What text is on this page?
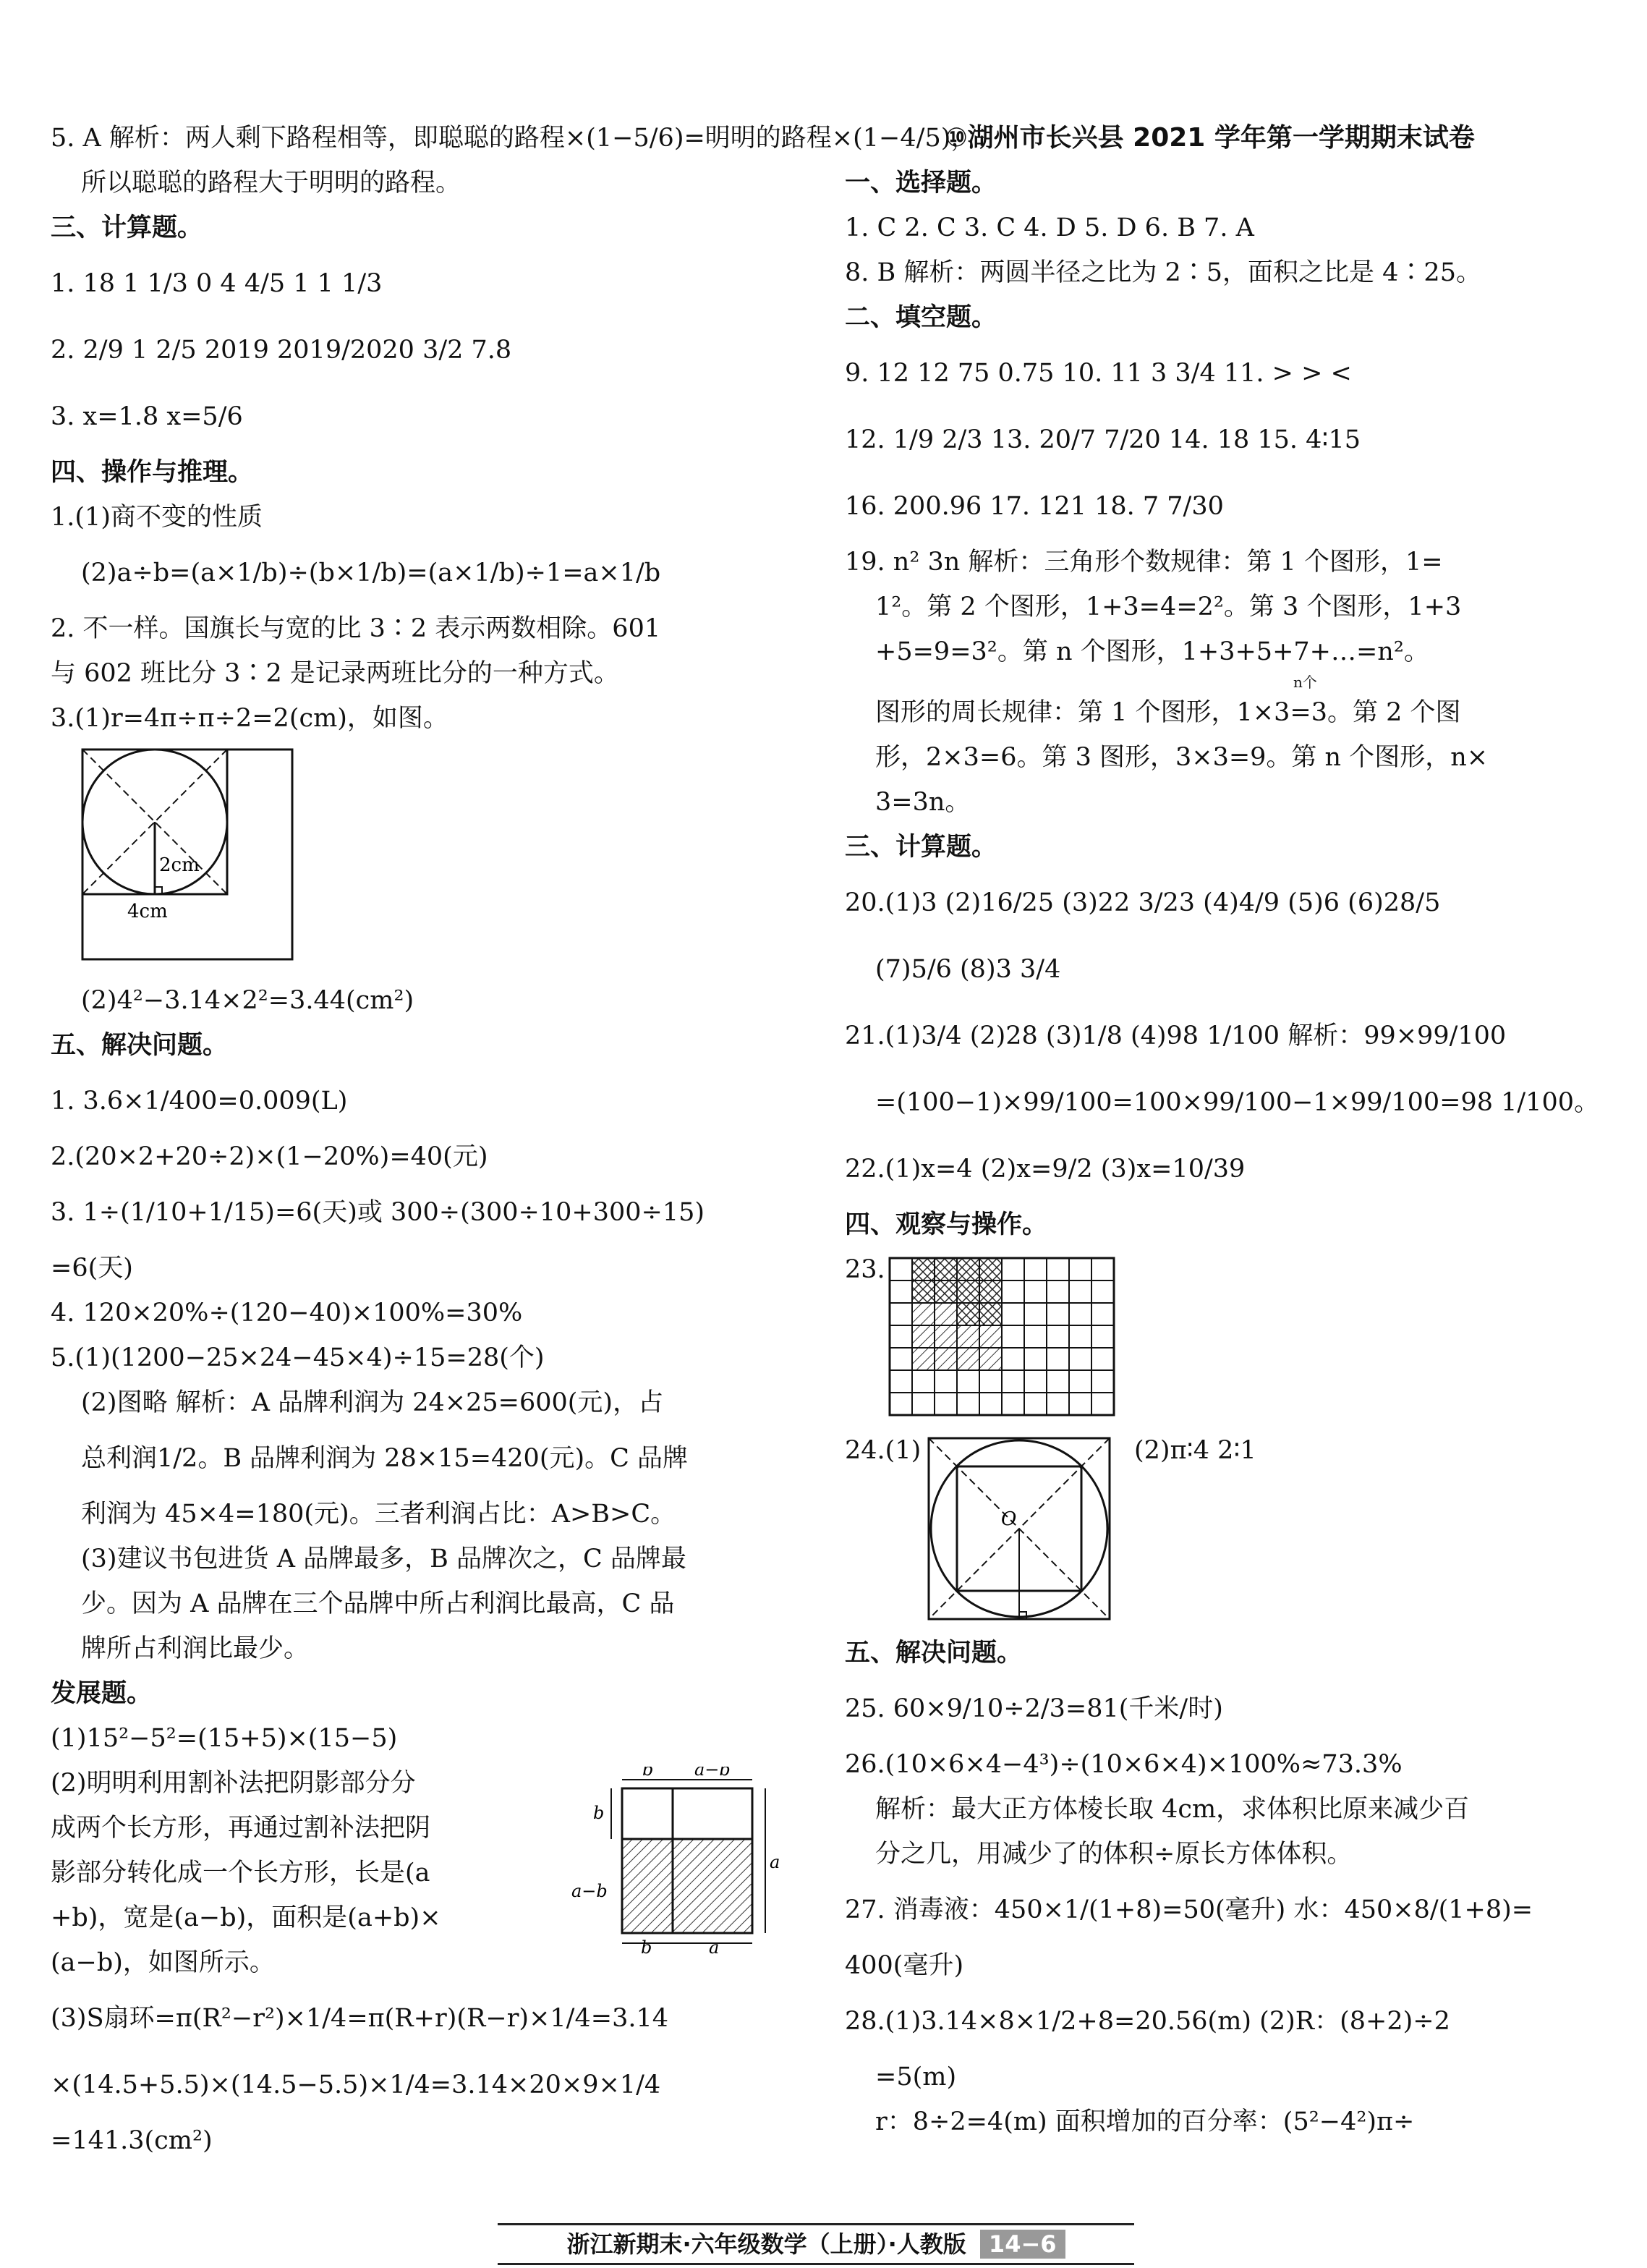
5. A 解析：两人剩下路程相等，即聪聪的路程×(1−5/6)=明明的路程×(1−4/5)，
所以聪聪的路程大于明明的路程。
三、计算题。
1. 18 1 1/3 0 4 4/5 1 1 1/3
2. 2/9 1 2/5 2019 2019/2020 3/2 7.8
3. x=1.8 x=5/6
四、操作与推理。
1.(1)商不变的性质
(2)a÷b=(a×1/b)÷(b×1/b)=(a×1/b)÷1=a×1/b
2. 不一样。国旗长与宽的比 3∶2 表示两数相除。601
与 602 班比分 3∶2 是记录两班比分的一种方式。
3.(1)r=4π÷π÷2=2(cm)，如图。
2cm
4cm
(2)4²−3.14×2²=3.44(cm²)
五、解决问题。
1. 3.6×1/400=0.009(L)
2.(20×2+20÷2)×(1−20%)=40(元)
3. 1÷(1/10+1/15)=6(天)或 300÷(300÷10+300÷15)
=6(天)
4. 120×20%÷(120−40)×100%=30%
5.(1)(1200−25×24−45×4)÷15=28(个)
(2)图略 解析：A 品牌利润为 24×25=600(元)，占
总利润1/2。B 品牌利润为 28×15=420(元)。C 品牌
利润为 45×4=180(元)。三者利润占比：A>B>C。
(3)建议书包进货 A 品牌最多，B 品牌次之，C 品牌最
少。因为 A 品牌在三个品牌中所占利润比最高，C 品
牌所占利润比最少。
发展题。
(1)15²−5²=(15+5)×(15−5)
(2)明明利用割补法把阴影部分分
成两个长方形，再通过割补法把阴
影部分转化成一个长方形，长是(a
+b)，宽是(a−b)，面积是(a+b)×
(a−b)，如图所示。
(3)S扇环=π(R²−r²)×1/4=π(R+r)(R−r)×1/4=3.14
×(14.5+5.5)×(14.5−5.5)×1/4=3.14×20×9×1/4
=141.3(cm²)
b a−b
b
a−b
a
b	a
⑩湖州市长兴县 2021 学年第一学期期末试卷
一、选择题。
1. C 2. C 3. C 4. D 5. D 6. B 7. A
8. B 解析：两圆半径之比为 2∶5，面积之比是 4∶25。
二、填空题。
9. 12 12 75 0.75 10. 11 3 3/4 11. > > <
12. 1/9 2/3 13. 20/7 7/20 14. 18 15. 4∶15
16. 200.96 17. 121 18. 7 7/30
19. n² 3n 解析：三角形个数规律：第 1 个图形，1=
1²。第 2 个图形，1+3=4=2²。第 3 个图形，1+3
+5=9=3²。第 n 个图形，1+3+5+7+…=n²。
n个
图形的周长规律：第 1 个图形，1×3=3。第 2 个图
形，2×3=6。第 3 图形，3×3=9。第 n 个图形，n×
3=3n。
三、计算题。
20.(1)3 (2)16/25 (3)22 3/23 (4)4/9 (5)6 (6)28/5
(7)5/6 (8)3 3/4
21.(1)3/4 (2)28 (3)1/8 (4)98 1/100 解析：99×99/100
=(100−1)×99/100=100×99/100−1×99/100=98 1/100。
22.(1)x=4 (2)x=9/2 (3)x=10/39
四、观察与操作。
23.
24.(1)
O
(2)π∶4 2∶1
五、解决问题。
25. 60×9/10÷2/3=81(千米/时)
26.(10×6×4−4³)÷(10×6×4)×100%≈73.3%
解析：最大正方体棱长取 4cm，求体积比原来减少百
分之几，用减少了的体积÷原长方体体积。
27. 消毒液：450×1/(1+8)=50(毫升) 水：450×8/(1+8)=
400(毫升)
28.(1)3.14×8×1/2+8=20.56(m) (2)R：(8+2)÷2
=5(m)
r：8÷2=4(m) 面积增加的百分率：(5²−4²)π÷
浙江新期末·六年级数学（上册）·人教版 14−6
